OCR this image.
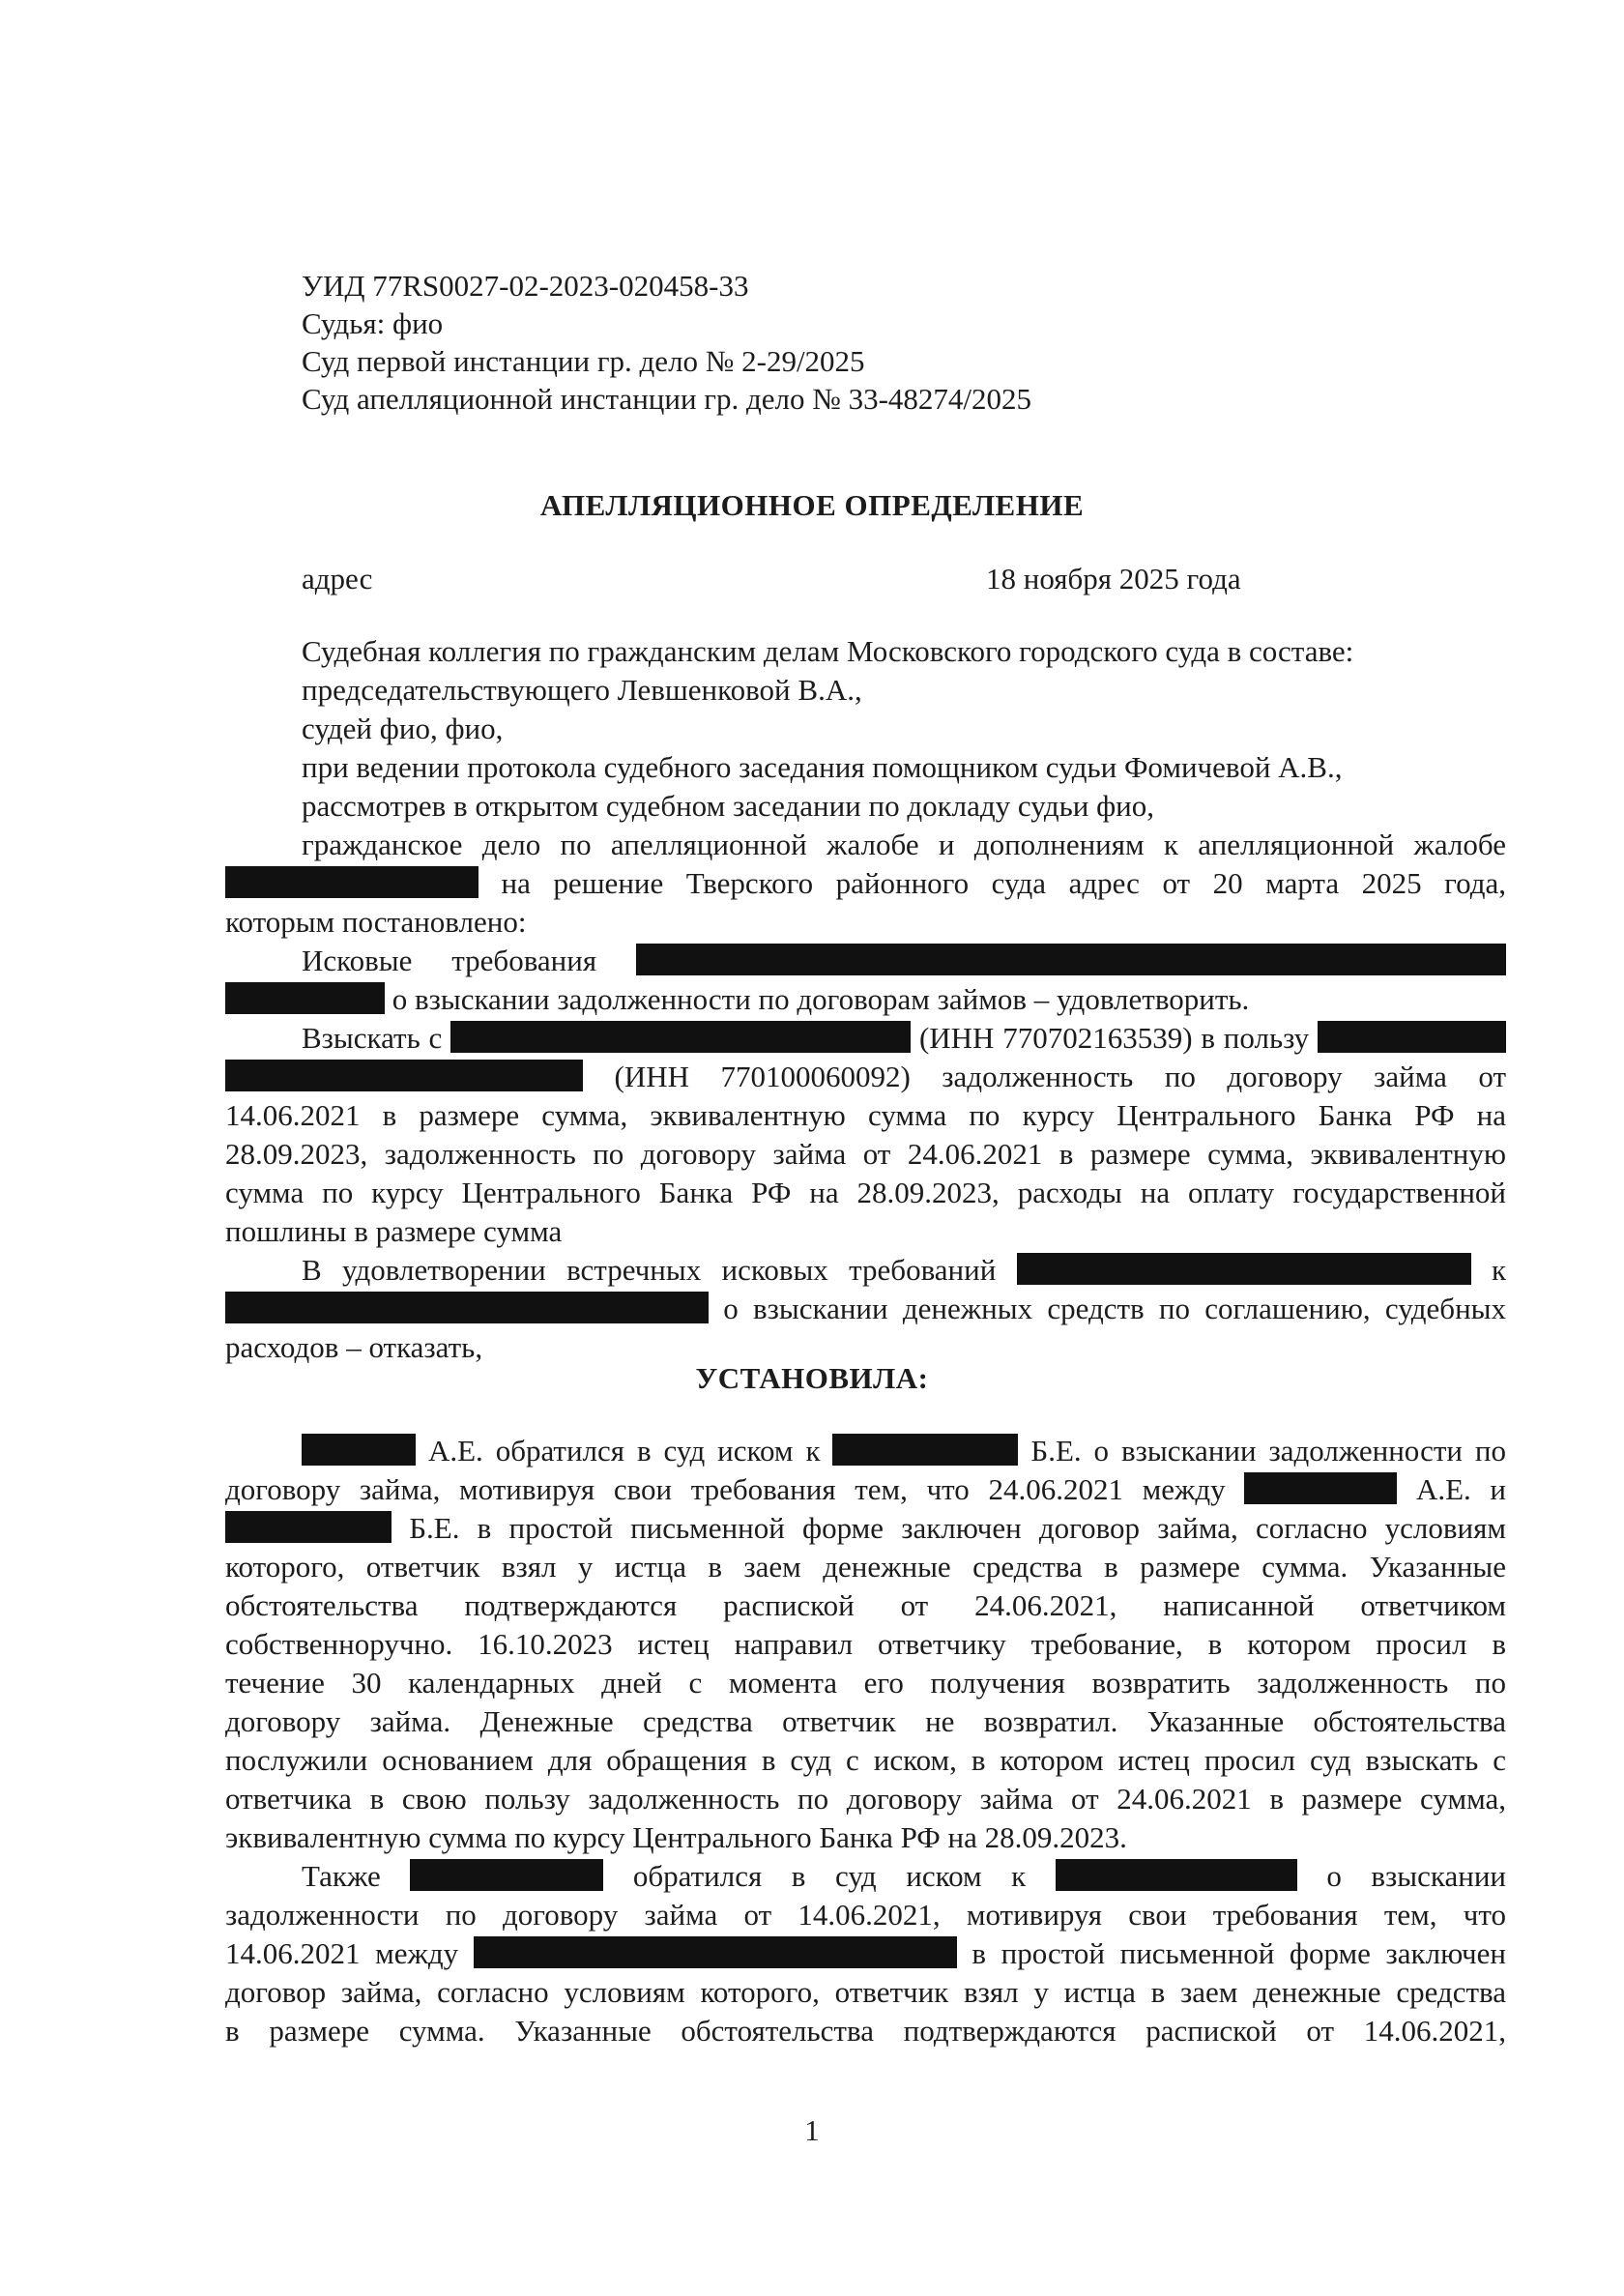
УИД 77RS0027-02-2023-020458-33
Судья: фио
Суд первой инстанции гр. дело № 2-29/2025
Суд апелляционной инстанции гр. дело № 33-48274/2025
АПЕЛЛЯЦИОННОЕ ОПРЕДЕЛЕНИЕ
адрес	18 ноября 2025 года
Судебная коллегия по гражданским делам Московского городского суда в составе:
председательствующего Левшенковой В.А.,
судей фио, фио,
при ведении протокола судебного заседания помощником судьи Фомичевой А.В.,
рассмотрев в открытом судебном заседании по докладу судьи фио,
гражданское дело по апелляционной жалобе и дополнениям к апелляционной жалобе
на решение Тверского районного суда адрес от 20 марта 2025 года,
которым постановлено:
Исковые требования
о взыскании задолженности по договорам займов – удовлетворить.
Взыскать с	(ИНН 770702163539) в пользу
(ИНН 770100060092) задолженность по договору займа от
14.06.2021 в размере сумма, эквивалентную сумма по курсу Центрального Банка РФ на
28.09.2023, задолженность по договору займа от 24.06.2021 в размере сумма, эквивалентную
сумма по курсу Центрального Банка РФ на 28.09.2023, расходы на оплату государственной
пошлины в размере сумма
В удовлетворении встречных исковых требований	к
о взыскании денежных средств по соглашению, судебных
расходов – отказать,
УСТАНОВИЛА:
А.Е. обратился в суд иском к	Б.Е. о взыскании задолженности по
договору займа, мотивируя свои требования тем, что 24.06.2021 между	А.Е. и
Б.Е. в простой письменной форме заключен договор займа, согласно условиям
которого, ответчик взял у истца в заем денежные средства в размере сумма. Указанные
обстоятельства подтверждаются распиской от 24.06.2021, написанной ответчиком
собственноручно. 16.10.2023 истец направил ответчику требование, в котором просил в
течение 30 календарных дней с момента его получения возвратить задолженность по
договору займа. Денежные средства ответчик не возвратил. Указанные обстоятельства
послужили основанием для обращения в суд с иском, в котором истец просил суд взыскать с
ответчика в свою пользу задолженность по договору займа от 24.06.2021 в размере сумма,
эквивалентную сумма по курсу Центрального Банка РФ на 28.09.2023.
Также	обратился в суд иском к	о взыскании
задолженности по договору займа от 14.06.2021, мотивируя свои требования тем, что
14.06.2021 между	в простой письменной форме заключен
договор займа, согласно условиям которого, ответчик взял у истца в заем денежные средства
в размере сумма. Указанные обстоятельства подтверждаются распиской от 14.06.2021,
1
